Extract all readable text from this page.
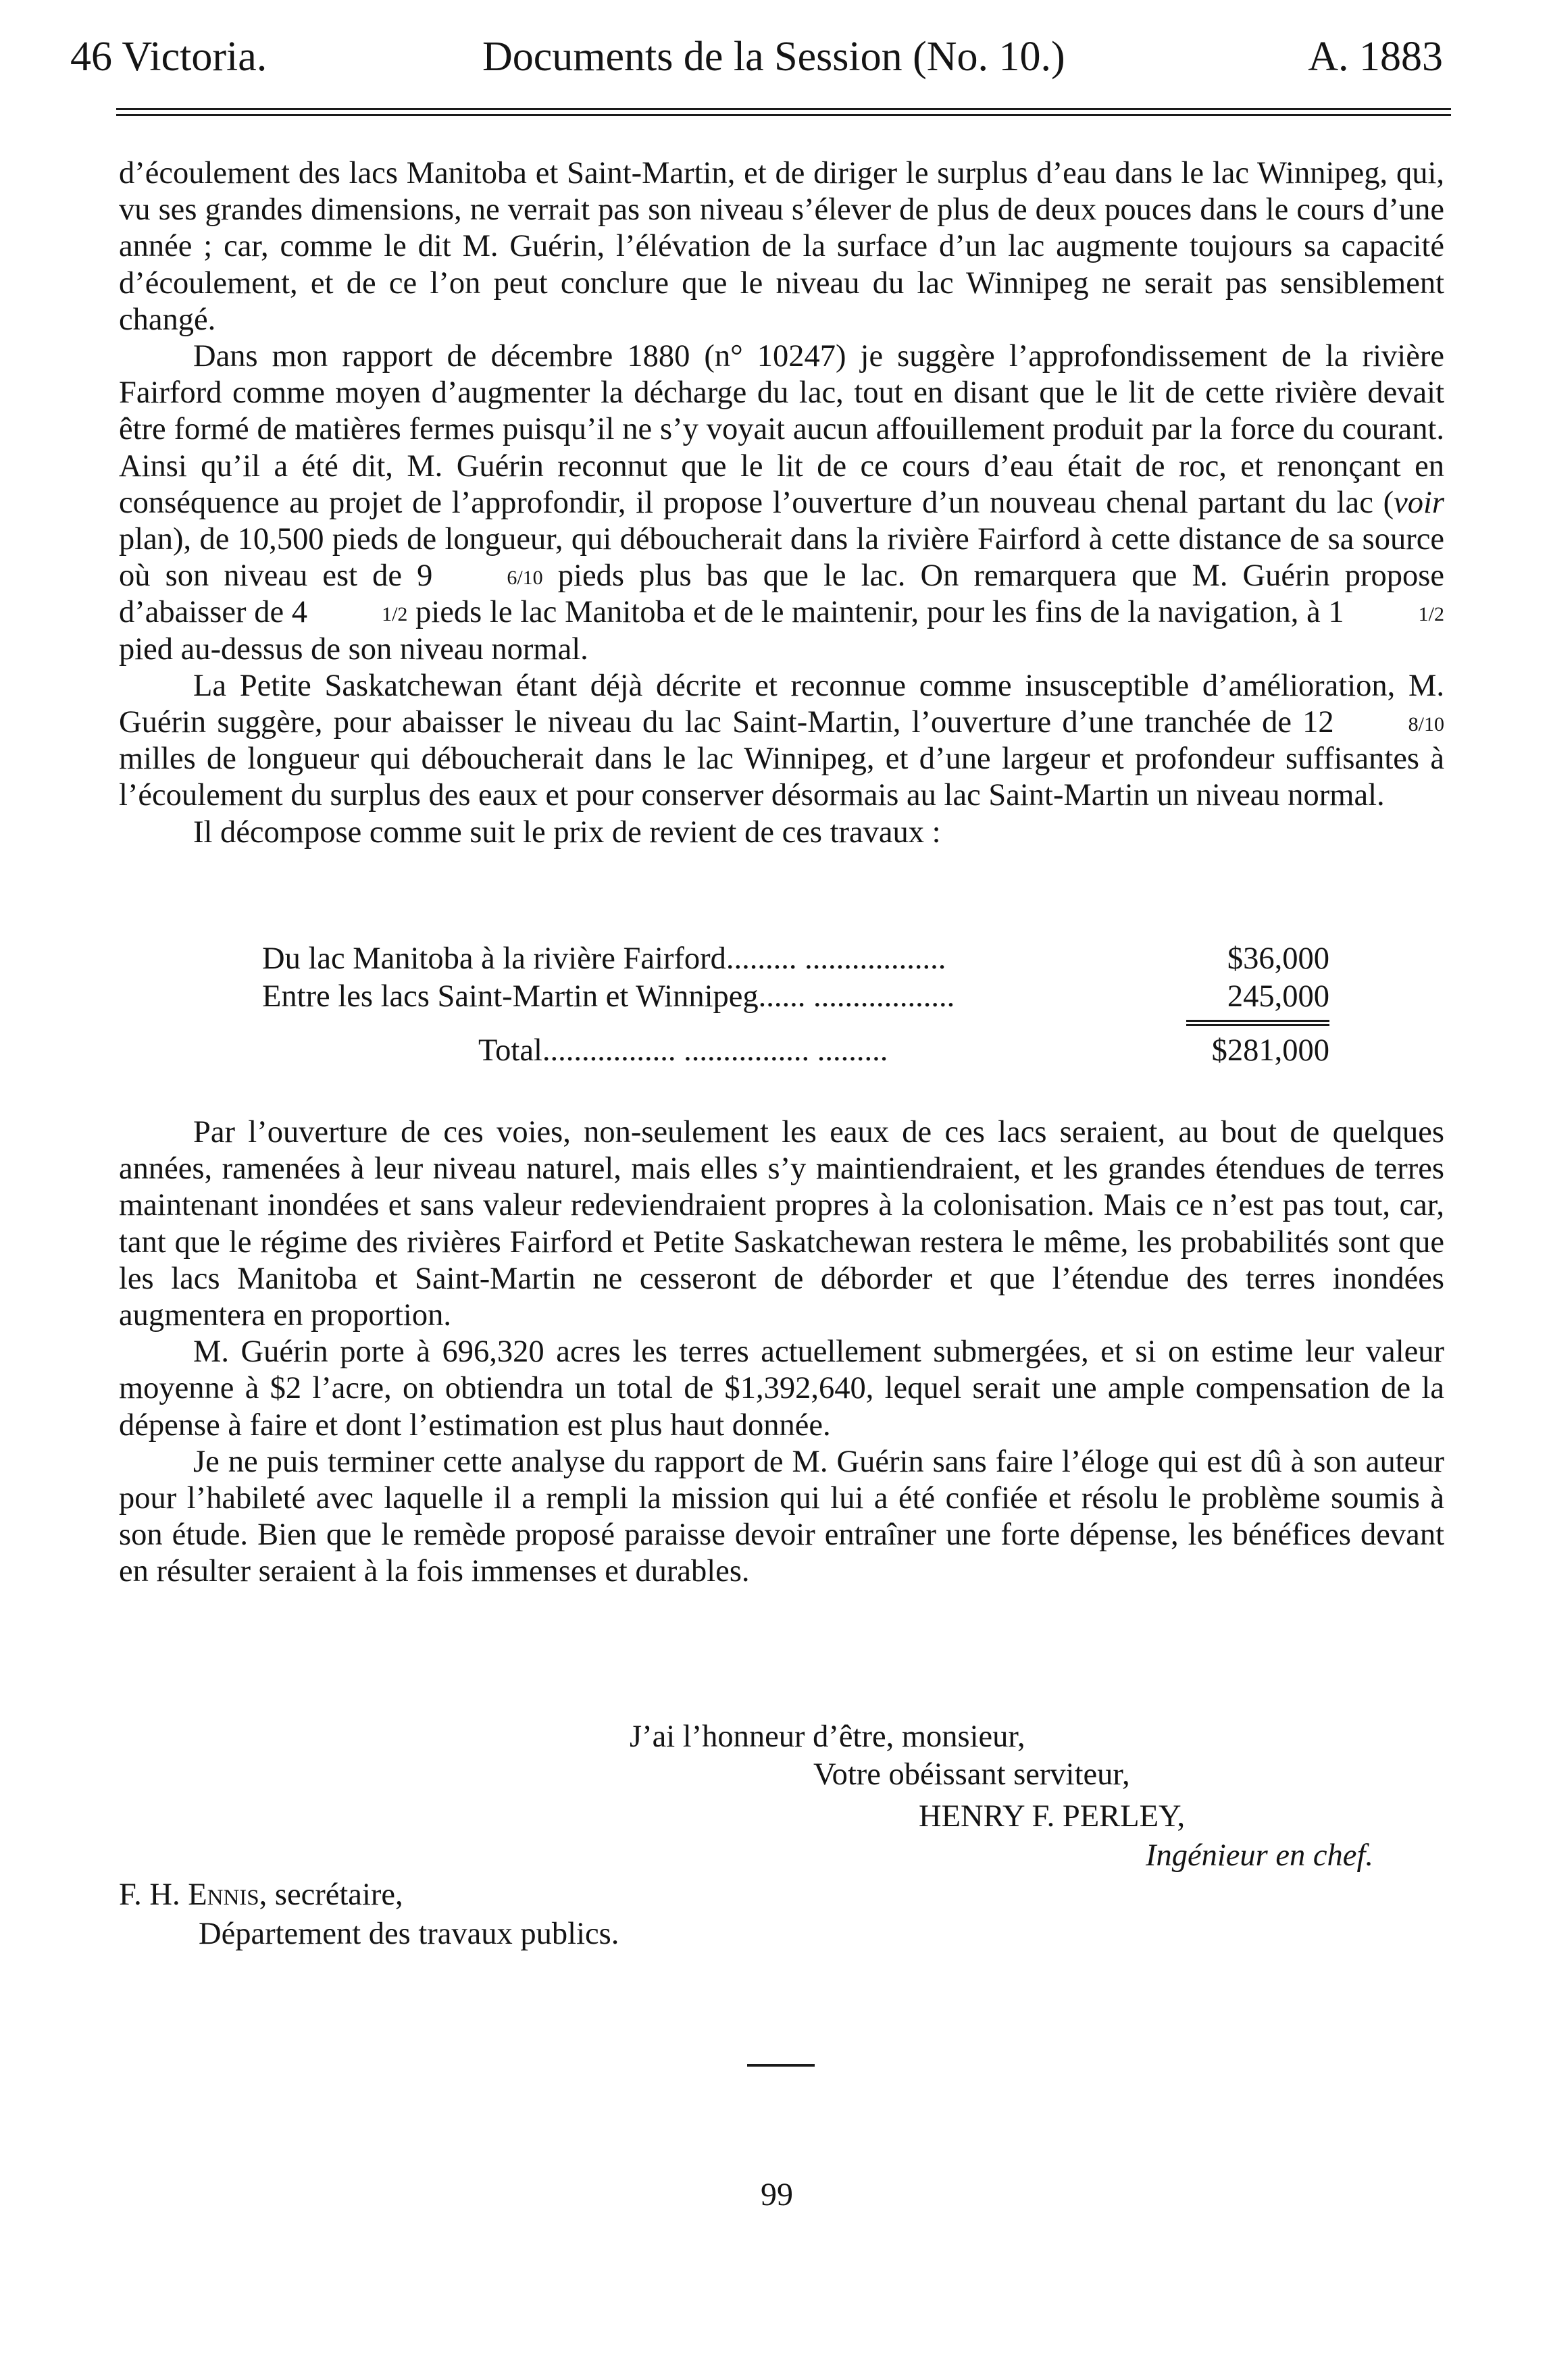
46 Victoria.	Documents de la Session (No. 10.)	A. 1883

d’écoulement des lacs Manitoba et Saint-Martin, et de diriger le surplus d’eau dans le lac Winnipeg, qui, vu ses grandes dimensions, ne verrait pas son niveau s’élever de plus de deux pouces dans le cours d’une année ; car, comme le dit M. Guérin, l’élévation de la surface d’un lac augmente toujours sa capacité d’écoulement, et de ce l’on peut conclure que le niveau du lac Winnipeg ne serait pas sensiblement changé.

Dans mon rapport de décembre 1880 (n° 10247) je suggère l’approfondissement de la rivière Fairford comme moyen d’augmenter la décharge du lac, tout en disant que le lit de cette rivière devait être formé de matières fermes puisqu’il ne s’y voyait aucun affouillement produit par la force du courant. Ainsi qu’il a été dit, M. Guérin reconnut que le lit de ce cours d’eau était de roc, et renonçant en conséquence au projet de l’approfondir, il propose l’ouverture d’un nouveau chenal partant du lac (voir plan), de 10,500 pieds de longueur, qui déboucherait dans la rivière Fairford à cette distance de sa source où son niveau est de 9	6/10 pieds plus bas que le lac. On remarquera que M. Guérin propose d’abaisser de 4	1/2 pieds le lac Manitoba et de le maintenir, pour les fins de la navigation, à 1	1/2 pied au-dessus de son niveau normal.

La Petite Saskatchewan étant déjà décrite et reconnue comme insusceptible d’amélioration, M. Guérin suggère, pour abaisser le niveau du lac Saint-Martin, l’ouverture d’une tranchée de 12	8/10 milles de longueur qui déboucherait dans le lac Winnipeg, et d’une largeur et profondeur suffisantes à l’écoulement du surplus des eaux et pour conserver désormais au lac Saint-Martin un niveau normal.

Il décompose comme suit le prix de revient de ces travaux :

Du lac Manitoba à la rivière Fairford......... ..................	$36,000
Entre les lacs Saint-Martin et Winnipeg...... ..................	245,000
Total................. ................ .........	$281,000

Par l’ouverture de ces voies, non-seulement les eaux de ces lacs seraient, au bout de quelques années, ramenées à leur niveau naturel, mais elles s’y maintiendraient, et les grandes étendues de terres maintenant inondées et sans valeur redeviendraient propres à la colonisation. Mais ce n’est pas tout, car, tant que le régime des rivières Fairford et Petite Saskatchewan restera le même, les probabilités sont que les lacs Manitoba et Saint-Martin ne cesseront de déborder et que l’étendue des terres inondées augmentera en proportion.

M. Guérin porte à 696,320 acres les terres actuellement submergées, et si on estime leur valeur moyenne à $2 l’acre, on obtiendra un total de $1,392,640, lequel serait une ample compensation de la dépense à faire et dont l’estimation est plus haut donnée.

Je ne puis terminer cette analyse du rapport de M. Guérin sans faire l’éloge qui est dû à son auteur pour l’habileté avec laquelle il a rempli la mission qui lui a été confiée et résolu le problème soumis à son étude. Bien que le remède proposé paraisse devoir entraîner une forte dépense, les bénéfices devant en résulter seraient à la fois immenses et durables.

J’ai l’honneur d’être, monsieur,
Votre obéissant serviteur,
HENRY F. PERLEY,
Ingénieur en chef.
F. H. Ennis, secrétaire,
Département des travaux publics.
99
